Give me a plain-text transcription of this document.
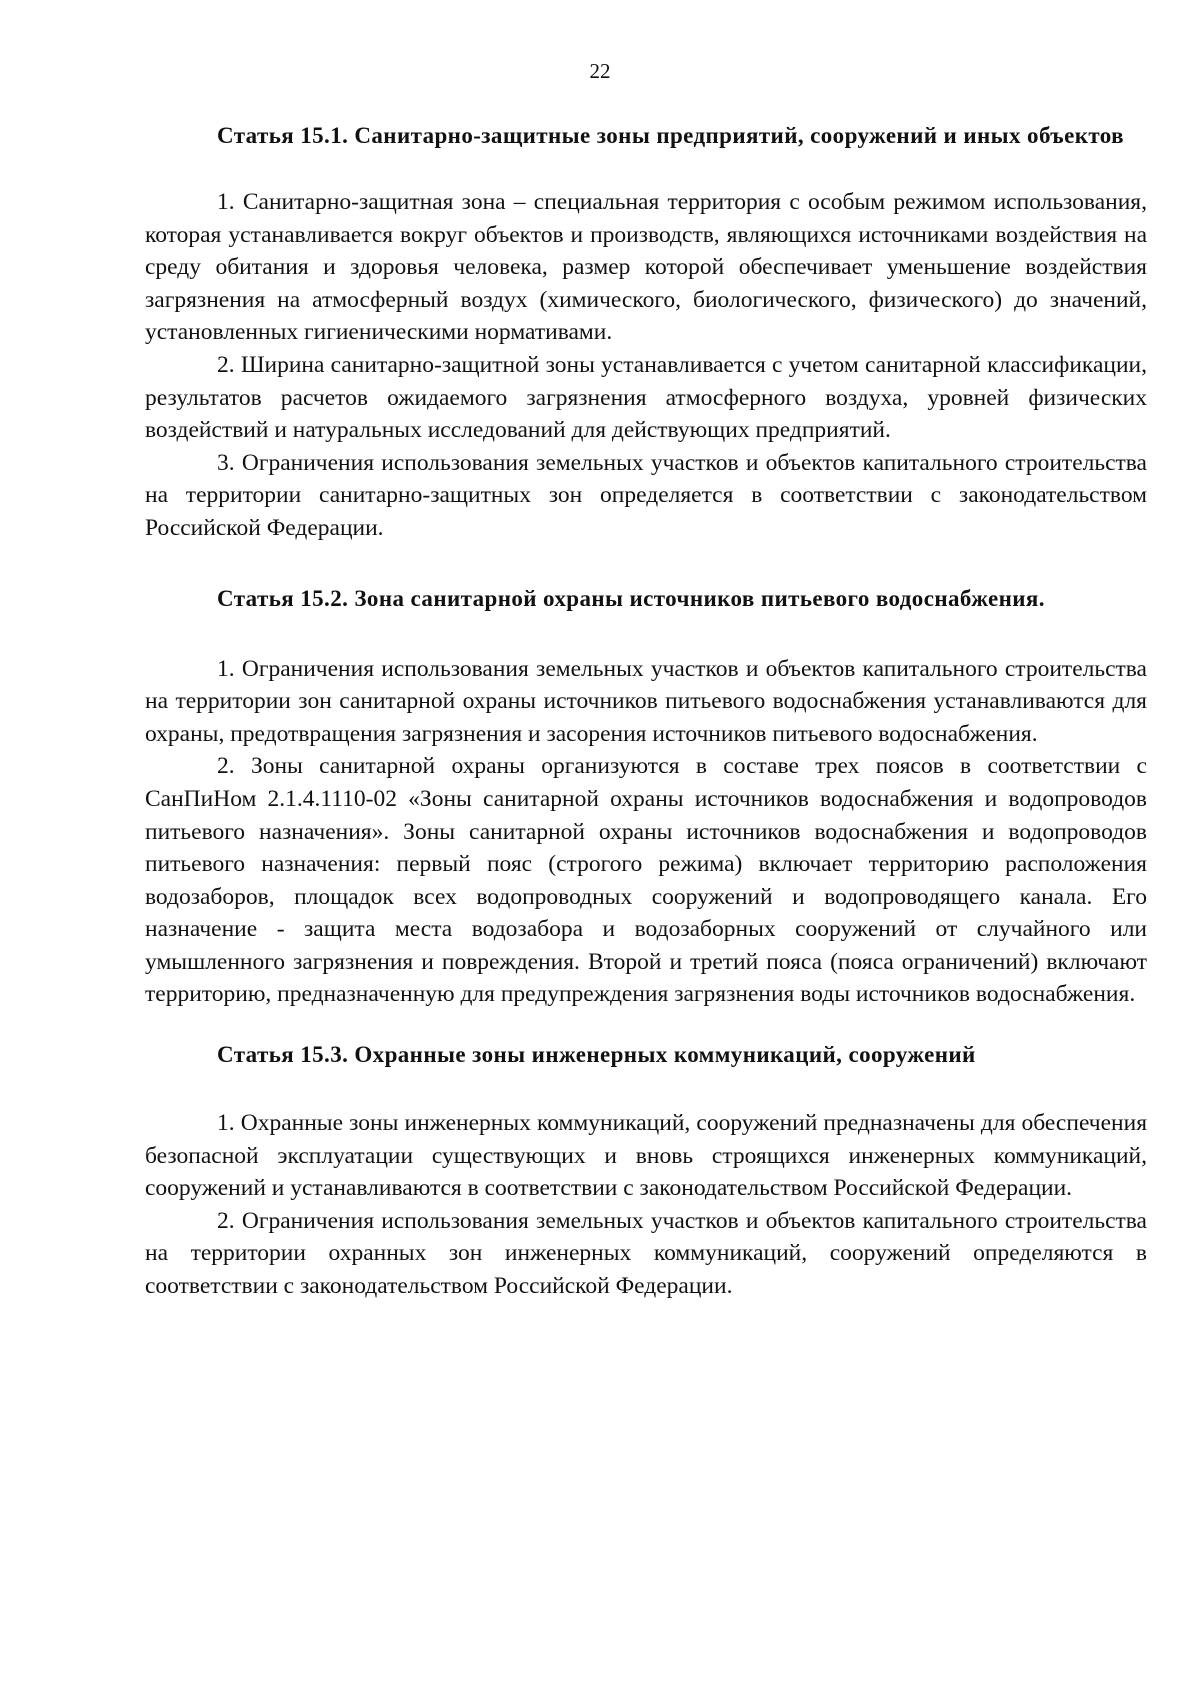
22
Статья 15.1. Санитарно-защитные зоны предприятий, сооружений и иных объектов

1. Санитарно-защитная зона – специальная территория с особым режимом использования, которая устанавливается вокруг объектов и производств, являющихся источниками воздействия на среду обитания и здоровья человека, размер которой обеспечивает уменьшение воздействия загрязнения на атмосферный воздух (химического, биологического, физического) до значений, установленных гигиеническими нормативами.

2. Ширина санитарно-защитной зоны устанавливается с учетом санитарной классификации, результатов расчетов ожидаемого загрязнения атмосферного воздуха, уровней физических воздействий и натуральных исследований для действующих предприятий.

3. Ограничения использования земельных участков и объектов капитального строительства на территории санитарно-защитных зон определяется в соответствии с законодательством Российской Федерации.

Статья 15.2. Зона санитарной охраны источников питьевого водоснабжения.

1. Ограничения использования земельных участков и объектов капитального строительства на территории зон санитарной охраны источников питьевого водоснабжения устанавливаются для охраны, предотвращения загрязнения и засорения источников питьевого водоснабжения.

2. Зоны санитарной охраны организуются в составе трех поясов в соответствии с СанПиНом 2.1.4.1110-02 «Зоны санитарной охраны источников водоснабжения и водопроводов питьевого назначения». Зоны санитарной охраны источников водоснабжения и водопроводов питьевого назначения: первый пояс (строгого режима) включает территорию расположения водозаборов, площадок всех водопроводных сооружений и водопроводящего канала. Его назначение - защита места водозабора и водозаборных сооружений от случайного или умышленного загрязнения и повреждения. Второй и третий пояса (пояса ограничений) включают территорию, предназначенную для предупреждения загрязнения воды источников водоснабжения.

Статья 15.3. Охранные зоны инженерных коммуникаций, сооружений

1. Охранные зоны инженерных коммуникаций, сооружений предназначены для обеспечения безопасной эксплуатации существующих и вновь строящихся инженерных коммуникаций, сооружений и устанавливаются в соответствии с законодательством Российской Федерации.

2. Ограничения использования земельных участков и объектов капитального строительства на территории охранных зон инженерных коммуникаций, сооружений определяются в соответствии с законодательством Российской Федерации.
